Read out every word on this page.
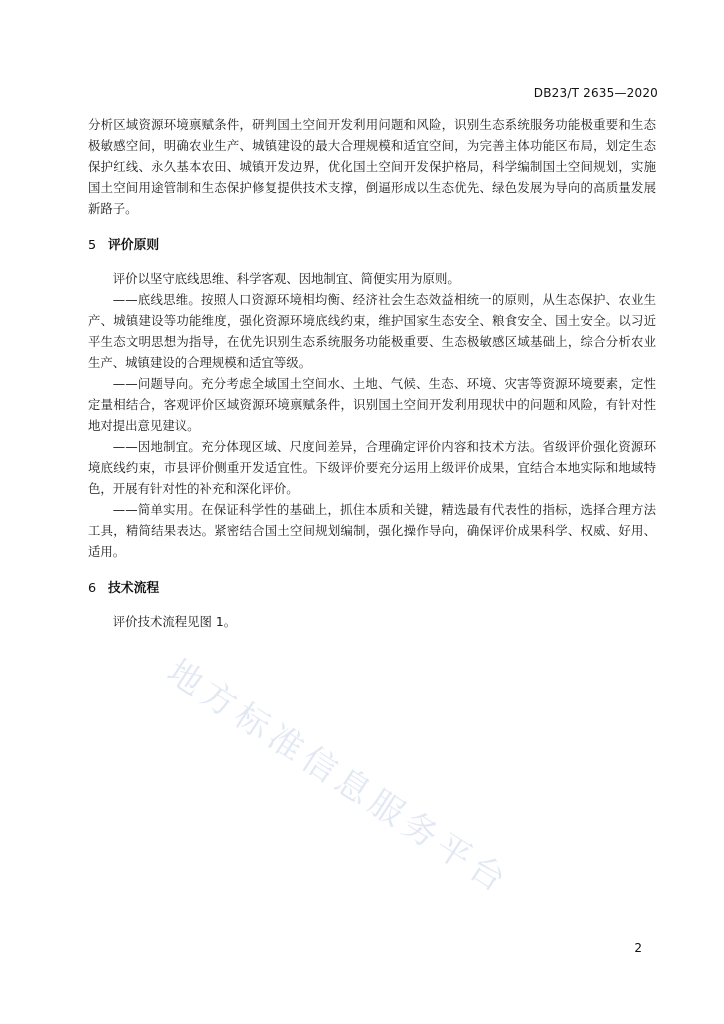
DB23/T 2635—2020

分析区域资源环境禀赋条件，研判国土空间开发利用问题和风险，识别生态系统服务功能极重要和生态极敏感空间，明确农业生产、城镇建设的最大合理规模和适宜空间，为完善主体功能区布局，划定生态保护红线、永久基本农田、城镇开发边界，优化国土空间开发保护格局，科学编制国土空间规划，实施国土空间用途管制和生态保护修复提供技术支撑，倒逼形成以生态优先、绿色发展为导向的高质量发展新路子。

5 评价原则

评价以坚守底线思维、科学客观、因地制宜、简便实用为原则。

——底线思维。按照人口资源环境相均衡、经济社会生态效益相统一的原则，从生态保护、农业生产、城镇建设等功能维度，强化资源环境底线约束，维护国家生态安全、粮食安全、国土安全。以习近平生态文明思想为指导，在优先识别生态系统服务功能极重要、生态极敏感区域基础上，综合分析农业生产、城镇建设的合理规模和适宜等级。

——问题导向。充分考虑全域国土空间水、土地、气候、生态、环境、灾害等资源环境要素，定性定量相结合，客观评价区域资源环境禀赋条件，识别国土空间开发利用现状中的问题和风险，有针对性地对提出意见建议。

——因地制宜。充分体现区域、尺度间差异，合理确定评价内容和技术方法。省级评价强化资源环境底线约束，市县评价侧重开发适宜性。下级评价要充分运用上级评价成果，宜结合本地实际和地域特色，开展有针对性的补充和深化评价。

——简单实用。在保证科学性的基础上，抓住本质和关键，精选最有代表性的指标，选择合理方法工具，精简结果表达。紧密结合国土空间规划编制，强化操作导向，确保评价成果科学、权威、好用、适用。

6 技术流程

评价技术流程见图 1。

地方标准信息服务平台
2
